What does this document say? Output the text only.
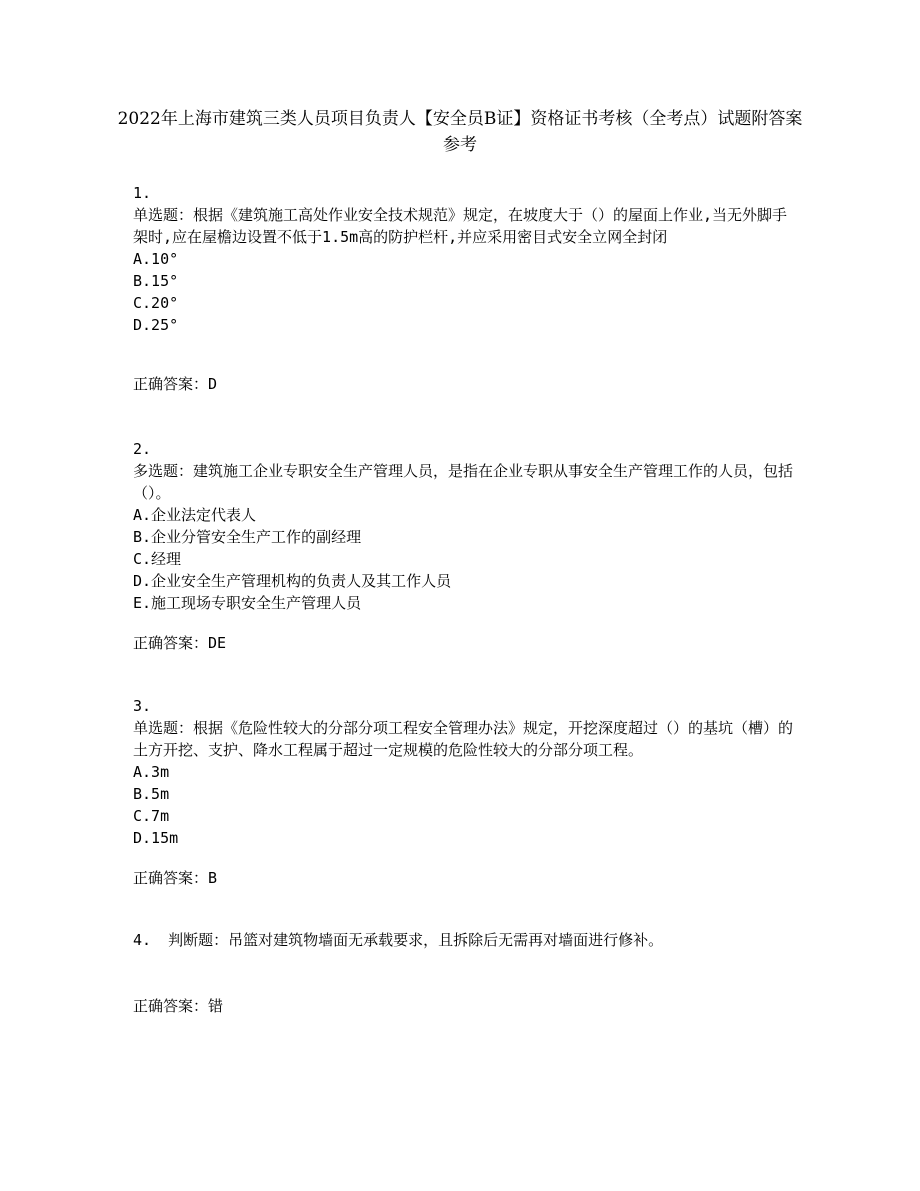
2022年上海市建筑三类人员项目负责人【安全员B证】资格证书考核（全考点）试题附答案参考
1.
单选题：根据《建筑施工高处作业安全技术规范》规定，在坡度大于（）的屋面上作业,当无外脚手架时,应在屋檐边设置不低于1.5m高的防护栏杆,并应采用密目式安全立网全封闭
A.10°
B.15°
C.20°
D.25°
正确答案：D
2.
多选题：建筑施工企业专职安全生产管理人员，是指在企业专职从事安全生产管理工作的人员，包括（）。
A.企业法定代表人
B.企业分管安全生产工作的副经理
C.经理
D.企业安全生产管理机构的负责人及其工作人员
E.施工现场专职安全生产管理人员
正确答案：DE
3.
单选题：根据《危险性较大的分部分项工程安全管理办法》规定，开挖深度超过（）的基坑（槽）的土方开挖、支护、降水工程属于超过一定规模的危险性较大的分部分项工程。
A.3m
B.5m
C.7m
D.15m
正确答案：B
4. 判断题：吊篮对建筑物墙面无承载要求，且拆除后无需再对墙面进行修补。
正确答案：错
